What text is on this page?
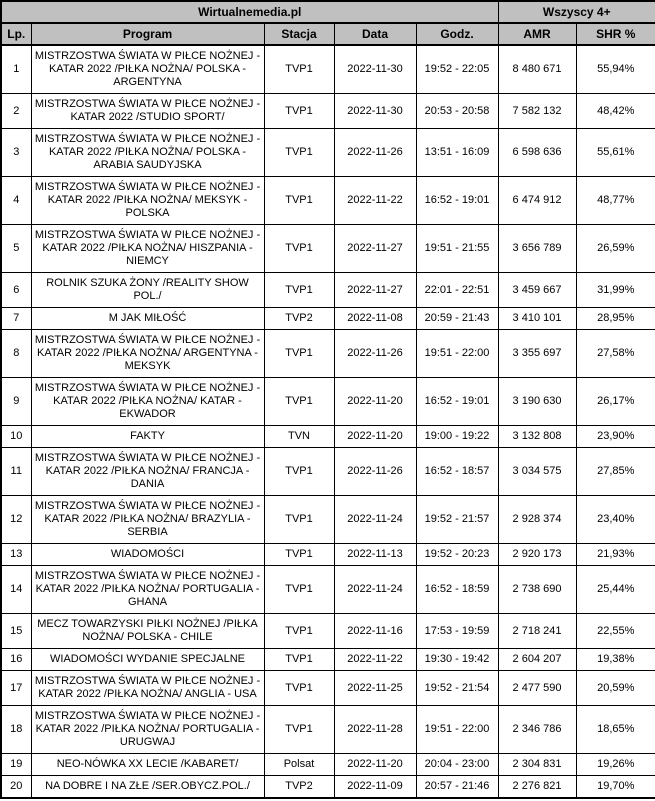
Wirtualnemedia.pl					Wszyscy 4+	
Lp.	Program	Stacja	Data	Godz.	AMR	SHR %
1	MISTRZOSTWA ŚWIATA W PIŁCE NOŻNEJ - KATAR 2022 /PIŁKA NOŻNA/ POLSKA - ARGENTYNA	TVP1	2022-11-30	19:52 - 22:05	8 480 671	55,94%
2	MISTRZOSTWA ŚWIATA W PIŁCE NOŻNEJ - KATAR 2022 /STUDIO SPORT/	TVP1	2022-11-30	20:53 - 20:58	7 582 132	48,42%
3	MISTRZOSTWA ŚWIATA W PIŁCE NOŻNEJ - KATAR 2022 /PIŁKA NOŻNA/ POLSKA - ARABIA SAUDYJSKA	TVP1	2022-11-26	13:51 - 16:09	6 598 636	55,61%
4	MISTRZOSTWA ŚWIATA W PIŁCE NOŻNEJ - KATAR 2022 /PIŁKA NOŻNA/ MEKSYK - POLSKA	TVP1	2022-11-22	16:52 - 19:01	6 474 912	48,77%
5	MISTRZOSTWA ŚWIATA W PIŁCE NOŻNEJ - KATAR 2022 /PIŁKA NOŻNA/ HISZPANIA - NIEMCY	TVP1	2022-11-27	19:51 - 21:55	3 656 789	26,59%
6	ROLNIK SZUKA ŻONY /REALITY SHOW POL./	TVP1	2022-11-27	22:01 - 22:51	3 459 667	31,99%
7	M JAK MIŁOŚĆ	TVP2	2022-11-08	20:59 - 21:43	3 410 101	28,95%
8	MISTRZOSTWA ŚWIATA W PIŁCE NOŻNEJ - KATAR 2022 /PIŁKA NOŻNA/ ARGENTYNA - MEKSYK	TVP1	2022-11-26	19:51 - 22:00	3 355 697	27,58%
9	MISTRZOSTWA ŚWIATA W PIŁCE NOŻNEJ - KATAR 2022 /PIŁKA NOŻNA/ KATAR - EKWADOR	TVP1	2022-11-20	16:52 - 19:01	3 190 630	26,17%
10	FAKTY	TVN	2022-11-20	19:00 - 19:22	3 132 808	23,90%
11	MISTRZOSTWA ŚWIATA W PIŁCE NOŻNEJ - KATAR 2022 /PIŁKA NOŻNA/ FRANCJA - DANIA	TVP1	2022-11-26	16:52 - 18:57	3 034 575	27,85%
12	MISTRZOSTWA ŚWIATA W PIŁCE NOŻNEJ - KATAR 2022 /PIŁKA NOŻNA/ BRAZYLIA - SERBIA	TVP1	2022-11-24	19:52 - 21:57	2 928 374	23,40%
13	WIADOMOŚCI	TVP1	2022-11-13	19:52 - 20:23	2 920 173	21,93%
14	MISTRZOSTWA ŚWIATA W PIŁCE NOŻNEJ - KATAR 2022 /PIŁKA NOŻNA/ PORTUGALIA - GHANA	TVP1	2022-11-24	16:52 - 18:59	2 738 690	25,44%
15	MECZ TOWARZYSKI PIŁKI NOŻNEJ /PIŁKA NOŻNA/ POLSKA - CHILE	TVP1	2022-11-16	17:53 - 19:59	2 718 241	22,55%
16	WIADOMOŚCI WYDANIE SPECJALNE	TVP1	2022-11-22	19:30 - 19:42	2 604 207	19,38%
17	MISTRZOSTWA ŚWIATA W PIŁCE NOŻNEJ - KATAR 2022 /PIŁKA NOŻNA/ ANGLIA - USA	TVP1	2022-11-25	19:52 - 21:54	2 477 590	20,59%
18	MISTRZOSTWA ŚWIATA W PIŁCE NOŻNEJ - KATAR 2022 /PIŁKA NOŻNA/ PORTUGALIA - URUGWAJ	TVP1	2022-11-28	19:51 - 22:00	2 346 786	18,65%
19	NEO-NÓWKA XX LECIE /KABARET/	Polsat	2022-11-20	20:04 - 23:00	2 304 831	19,26%
20	NA DOBRE I NA ZŁE /SER.OBYCZ.POL./	TVP2	2022-11-09	20:57 - 21:46	2 276 821	19,70%
